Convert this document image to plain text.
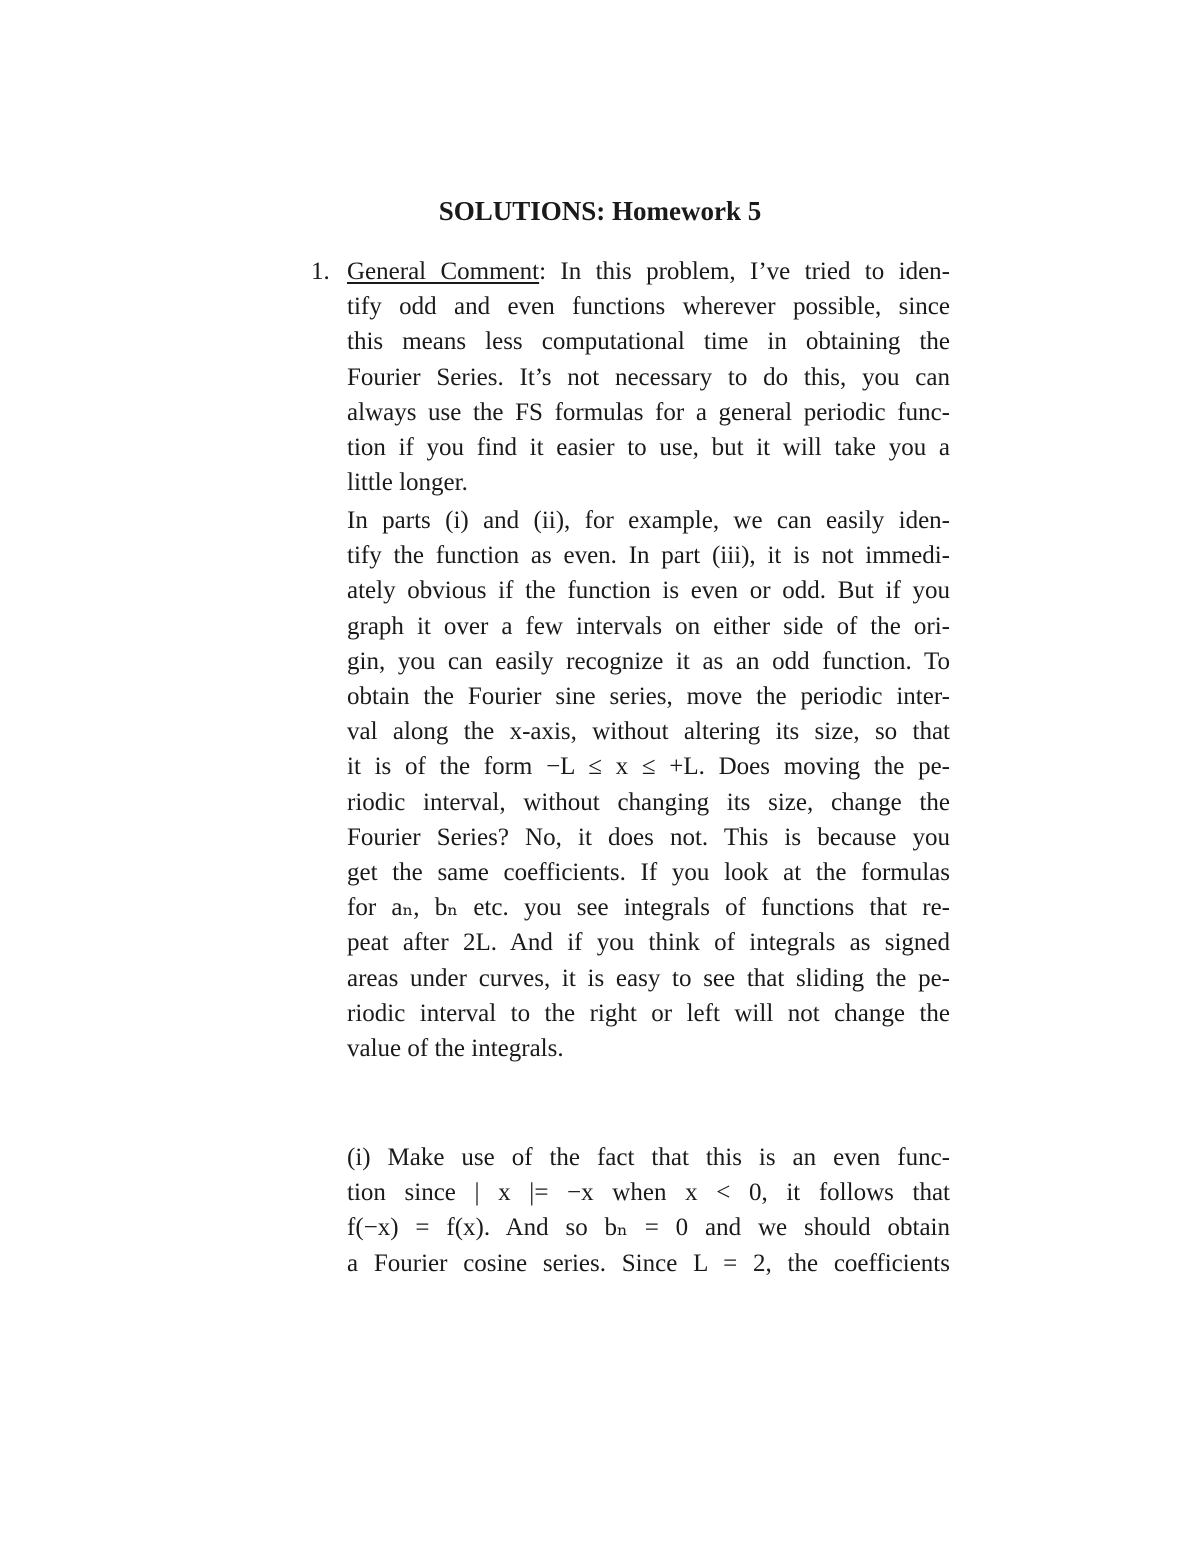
SOLUTIONS: Homework 5
1. General Comment: In this problem, I’ve tried to iden-
tify odd and even functions wherever possible, since
this means less computational time in obtaining the
Fourier Series. It’s not necessary to do this, you can
always use the FS formulas for a general periodic func-
tion if you find it easier to use, but it will take you a
little longer.
In parts (i) and (ii), for example, we can easily iden-
tify the function as even. In part (iii), it is not immedi-
ately obvious if the function is even or odd. But if you
graph it over a few intervals on either side of the ori-
gin, you can easily recognize it as an odd function. To
obtain the Fourier sine series, move the periodic inter-
val along the x-axis, without altering its size, so that
it is of the form −L ≤ x ≤ +L. Does moving the pe-
riodic interval, without changing its size, change the
Fourier Series? No, it does not. This is because you
get the same coefficients. If you look at the formulas
for aₙ, bₙ etc. you see integrals of functions that re-
peat after 2L. And if you think of integrals as signed
areas under curves, it is easy to see that sliding the pe-
riodic interval to the right or left will not change the
value of the integrals.
(i) Make use of the fact that this is an even func-
tion since | x |= −x when x < 0, it follows that
f(−x) = f(x). And so bₙ = 0 and we should obtain
a Fourier cosine series. Since L = 2, the coefficients
